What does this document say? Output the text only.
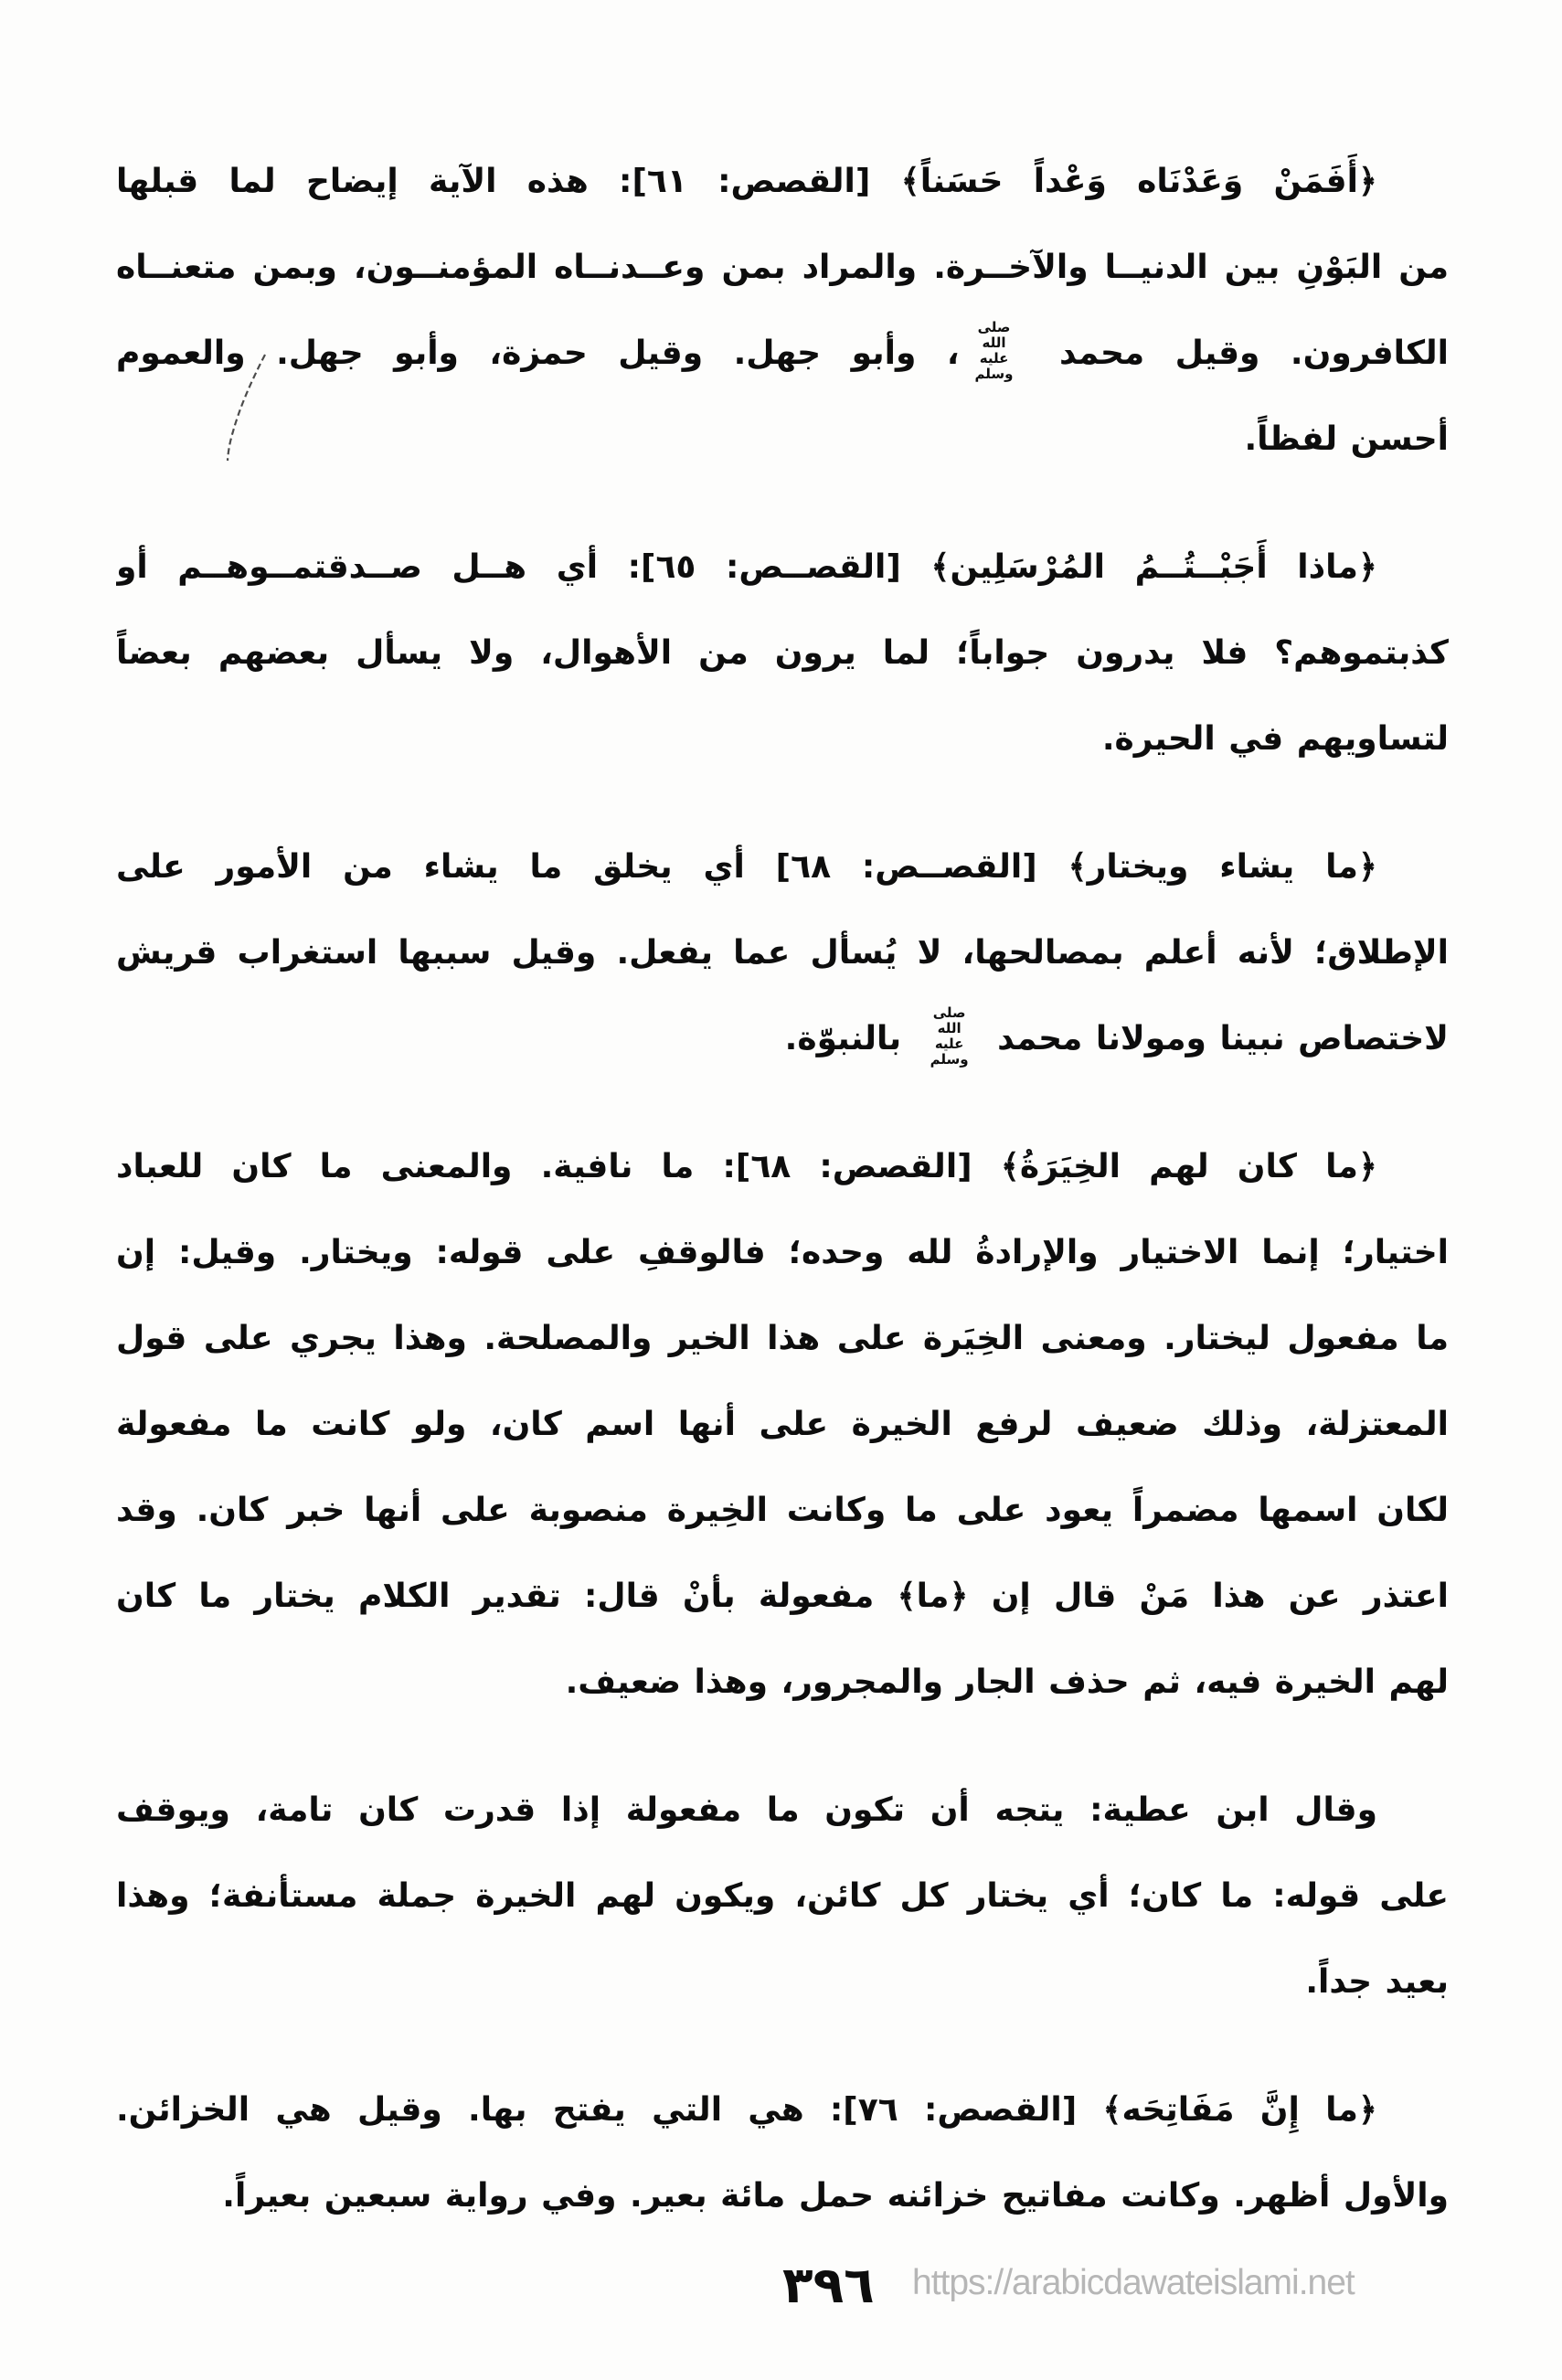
﴿أَفَمَنْ وَعَدْنَاه وَعْداً حَسَناً﴾ [القصص: ٦١]: هذه الآية إيضاح لما قبلها
من البَوْنِ بين الدنيــا والآخــرة. والمراد بمن وعــدنــاه المؤمنــون، وبمن متعنــاه
الكافرون. وقيل محمد
صلى الله
عليه وسلم
، وأبو جهل. وقيل حمزة، وأبو جهل. والعموم
أحسن لفظاً.
﴿ماذا أَجَبْــتُــمُ المُرْسَلِين﴾ [القصــص: ٦٥]: أي هــل صــدقتمــوهــم أو
كذبتموهم؟ فلا يدرون جواباً؛ لما يرون من الأهوال، ولا يسأل بعضهم بعضاً
لتساويهم في الحيرة.
﴿ما يشاء ويختار﴾ [القصــص: ٦٨] أي يخلق ما يشاء من الأمور على
الإطلاق؛ لأنه أعلم بمصالحها، لا يُسأل عما يفعل. وقيل سببها استغراب قريش
لاختصاص نبينا ومولانا محمد
صلى الله
عليه وسلم
بالنبوّة.
﴿ما كان لهم الخِيَرَةُ﴾ [القصص: ٦٨]: ما نافية. والمعنى ما كان للعباد
اختيار؛ إنما الاختيار والإرادةُ لله وحده؛ فالوقفِ على قوله: ويختار. وقيل: إن
ما مفعول ليختار. ومعنى الخِيَرة على هذا الخير والمصلحة. وهذا يجري على قول
المعتزلة، وذلك ضعيف لرفع الخيرة على أنها اسم كان، ولو كانت ما مفعولة
لكان اسمها مضمراً يعود على ما وكانت الخِيرة منصوبة على أنها خبر كان. وقد
اعتذر عن هذا مَنْ قال إن ﴿ما﴾ مفعولة بأنْ قال: تقدير الكلام يختار ما كان
لهم الخيرة فيه، ثم حذف الجار والمجرور، وهذا ضعيف.
وقال ابن عطية: يتجه أن تكون ما مفعولة إذا قدرت كان تامة، ويوقف
على قوله: ما كان؛ أي يختار كل كائن، ويكون لهم الخيرة جملة مستأنفة؛ وهذا
بعيد جداً.
﴿ما إِنَّ مَفَاتِحَه﴾ [القصص: ٧٦]: هي التي يفتح بها. وقيل هي الخزائن.
والأول أظهر. وكانت مفاتيح خزائنه حمل مائة بعير. وفي رواية سبعين بعيراً.
٣٩٦ https://arabicdawateislami.net
